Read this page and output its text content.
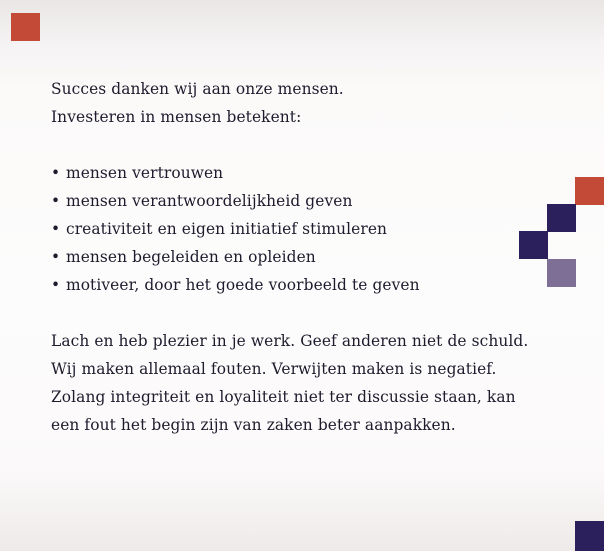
Succes danken wij aan onze mensen.
Investeren in mensen betekent:
• mensen vertrouwen
• mensen verantwoordelijkheid geven
• creativiteit en eigen initiatief stimuleren
• mensen begeleiden en opleiden
• motiveer, door het goede voorbeeld te geven
Lach en heb plezier in je werk. Geef anderen niet de schuld.
Wij maken allemaal fouten. Verwijten maken is negatief.
Zolang integriteit en loyaliteit niet ter discussie staan, kan
een fout het begin zijn van zaken beter aanpakken.
